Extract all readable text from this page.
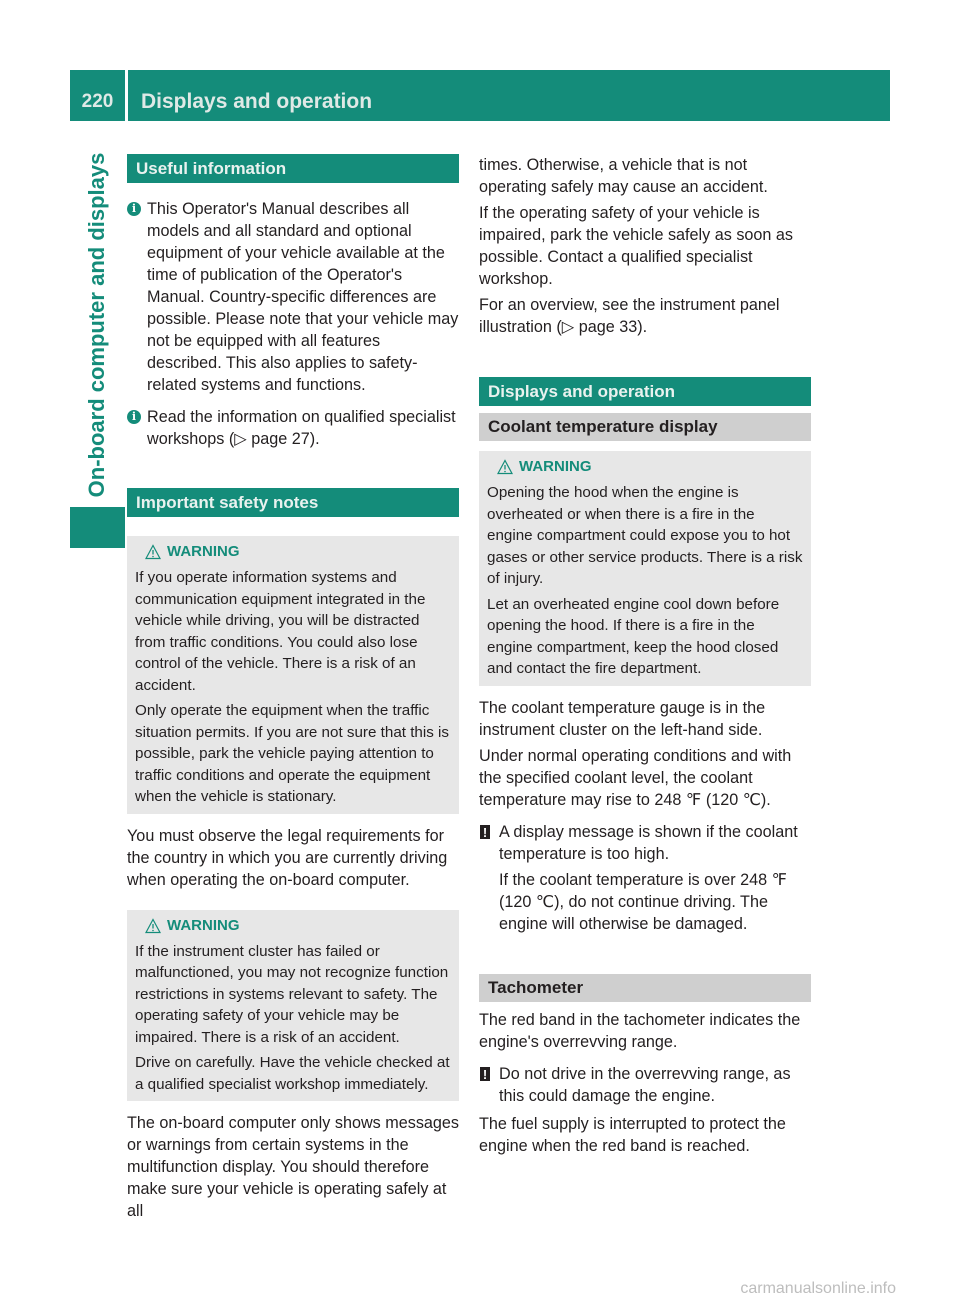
220	Displays and operation
On-board computer and displays	Useful information
i This Operator's Manual describes all models and all standard and optional equipment of your vehicle available at the time of publication of the Operator's Manual. Country-specific differences are possible. Please note that your vehicle may not be equipped with all features described. This also applies to safety-related systems and functions.

i Read the information on qualified specialist workshops (▷ page 27).

Important safety notes
WARNING

If you operate information systems and communication equipment integrated in the vehicle while driving, you will be distracted from traffic conditions. You could also lose control of the vehicle. There is a risk of an accident.

Only operate the equipment when the traffic situation permits. If you are not sure that this is possible, park the vehicle paying attention to traffic conditions and operate the equipment when the vehicle is stationary.

You must observe the legal requirements for the country in which you are currently driving when operating the on-board computer.

WARNING

If the instrument cluster has failed or malfunctioned, you may not recognize function restrictions in systems relevant to safety. The operating safety of your vehicle may be impaired. There is a risk of an accident.

Drive on carefully. Have the vehicle checked at a qualified specialist workshop immediately.

The on-board computer only shows messages or warnings from certain systems in the multifunction display. You should therefore make sure your vehicle is operating safely at all

times. Otherwise, a vehicle that is not operating safely may cause an accident.

If the operating safety of your vehicle is impaired, park the vehicle safely as soon as possible. Contact a qualified specialist workshop.

For an overview, see the instrument panel illustration (▷ page 33).

Displays and operation
Coolant temperature display
WARNING

Opening the hood when the engine is overheated or when there is a fire in the engine compartment could expose you to hot gases or other service products. There is a risk of injury.

Let an overheated engine cool down before opening the hood. If there is a fire in the engine compartment, keep the hood closed and contact the fire department.

The coolant temperature gauge is in the instrument cluster on the left-hand side.

Under normal operating conditions and with the specified coolant level, the coolant temperature may rise to 248 ℉ (120 ℃).

! A display message is shown if the coolant temperature is too high.

If the coolant temperature is over 248 ℉ (120 ℃), do not continue driving. The engine will otherwise be damaged.

Tachometer

The red band in the tachometer indicates the engine's overrevving range.

! Do not drive in the overrevving range, as this could damage the engine.

The fuel supply is interrupted to protect the engine when the red band is reached.

carmanualsonline.info
